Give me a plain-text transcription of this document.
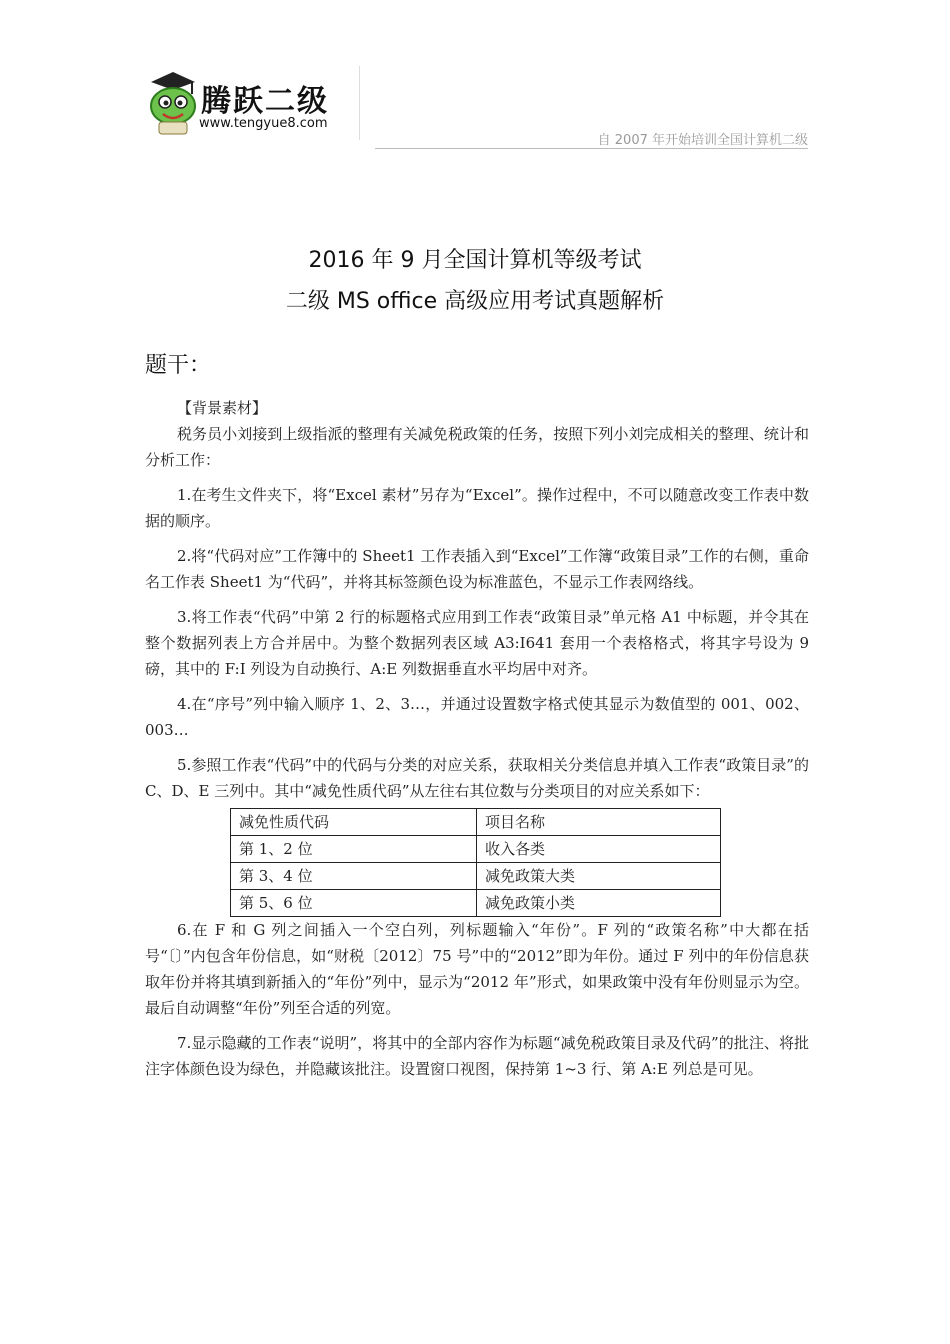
腾跃二级
www.tengyue8.com
自 2007 年开始培训全国计算机二级
2016 年 9 月全国计算机等级考试
二级 MS office 高级应用考试真题解析
题干：

【背景素材】

税务员小刘接到上级指派的整理有关减免税政策的任务，按照下列小刘完成相关的整理、统计和分析工作：

1.在考生文件夹下，将“Excel 素材”另存为“Excel”。操作过程中，不可以随意改变工作表中数据的顺序。

2.将“代码对应”工作簿中的 Sheet1 工作表插入到“Excel”工作簿“政策目录”工作的右侧，重命名工作表 Sheet1 为“代码”，并将其标签颜色设为标准蓝色，不显示工作表网络线。

3.将工作表“代码”中第 2 行的标题格式应用到工作表“政策目录”单元格 A1 中标题，并令其在整个数据列表上方合并居中。为整个数据列表区域 A3:I641 套用一个表格格式，将其字号设为 9 磅，其中的 F:I 列设为自动换行、A:E 列数据垂直水平均居中对齐。

4.在“序号”列中输入顺序 1、2、3…，并通过设置数字格式使其显示为数值型的 001、002、003…

5.参照工作表“代码”中的代码与分类的对应关系，获取相关分类信息并填入工作表“政策目录”的 C、D、E 三列中。其中“减免性质代码”从左往右其位数与分类项目的对应关系如下：

减免性质代码	项目名称
第 1、2 位	收入各类
第 3、4 位	减免政策大类
第 5、6 位	减免政策小类

6.在 F 和 G 列之间插入一个空白列，列标题输入“年份”。F 列的“政策名称”中大都在括号“〔〕”内包含年份信息，如“财税〔2012〕75 号”中的“2012”即为年份。通过 F 列中的年份信息获取年份并将其填到新插入的“年份”列中，显示为“2012 年”形式，如果政策中没有年份则显示为空。最后自动调整“年份”列至合适的列宽。

7.显示隐藏的工作表“说明”，将其中的全部内容作为标题“减免税政策目录及代码”的批注、将批注字体颜色设为绿色，并隐藏该批注。设置窗口视图，保持第 1~3 行、第 A:E 列总是可见。
